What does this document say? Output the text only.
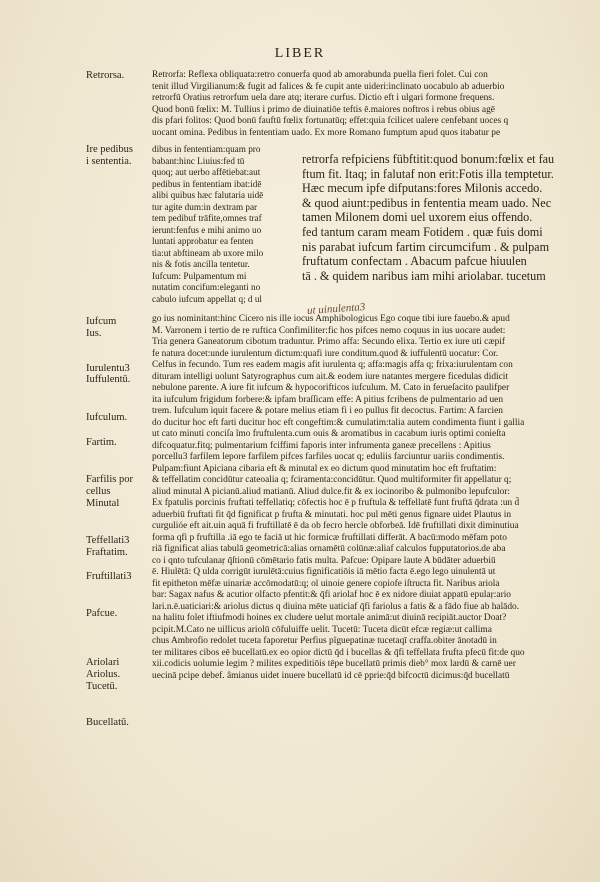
LIBER
Retrorsa.
Ire pedibus
i sententia.
Iufcum
Ius.
Iurulentu3
Iuffulentū.
Iufculum.
Fartim.
Farfilis por
cellus
Minutal
Teffellati3
Fraftatim.
Fruftillati3
Pafcue.
Ariolari
Ariolus.
Tucetū.
Bucellatū.
Retrorfa: Reflexa obliquata:retro conuerfa quod ab amorabunda puella fieri folet. Cui con
tenit illud Virgilianum:& fugit ad falices & fe cupit ante uideri:inclinato uocabulo ab aduerbio
retrorfū Oratius retrorfum uela dare atq; iterare curfus. Dictio eft i ulgari formone frequens.
Quod bonū fœlix: M. Tullius i primo de diuinatiōe teftis ē.maiores noftros i rebus obius agē
dis pfari folitos: Quod bonū fauftū fœlix fortunatūq; effet:quia fcilicet ualere cenfebant uoces q
uocant omina. Pedibus in fententiam uado. Ex more Romano fumptum apud quos itabatur pe
dibus in fententiam:quam pro
babant:hinc Liuius:fed tū
quoq; aut uerbo affētiebat:aut
pedibus in fententiam ibat:idē
alibi quibus hæc falutaria uidē
tur agite dum:in dextram par
tem pedibuf trāfite,omnes traf
ierunt:fenfus e mihi animo uo
luntati approbatur ea fenten
tia:ut abftineam ab uxore milo
nis & fotis ancilla tentetur.
Iufcum: Pulpamentum mi
nutatim concifum:eleganti no
cabulo iufcum appellat q; d ul
retrorfa refpiciens fübftitit:quod bonum:fœlix et fau
ftum fit. Itaq; in falutaf non erit:Fotis illa temptetur.
Hæc mecum ipfe difputans:fores Milonis accedo.
& quod aiunt:pedibus in fententia meam uado. Nec
tamen Milonem domi uel uxorem eius offendo.
fed tantum caram meam Fotidem . quæ fuis domi
nis parabat iufcum fartim circumcifum . & pulpam
fruftatum confectam . Abacum pafcue hiuulen
tā . & quidem naribus iam mihi ariolabar. tucetum
ut uinulenta3
go ius nominitant:hinc Cicero nis ille iocus Amphibologicus Ego coque tibi iure fauebo.& apud
M. Varronem i tertio de re ruftica Confimiliter:fic hos pifces nemo coquus in ius uocare audet:
Tria genera Ganeatorum cibotum traduntur. Primo affa: Secundo elixa. Tertio ex iure uti cæpif
fe natura docet:unde iurulentum dictum:quafi iure conditum.quod & iuffulentū uocatur: Cor.
Celfus in fecundo. Tum res eadem magis afit iurulenta q; affa:magis affa q; frixa:iurulentam con
dituram intelligi uolunt Satyrographus cum ait.& eodem iure natantes mergere ficedulas didicit
nebulone parente. A iure fit iufcum & hypocorifticos iufculum. M. Cato in ferueſacito paulifper
ita iufculum frigidum forbere:& ipfam braſſicam effe: A pitius fcribens de pulmentario ad uen
trem. Iufculum iquit facere & potare melius etiam fi i eo pullus fit decoctus. Fartim: A farcien
do ducitur hoc eft farti ducitur hoc eft congeftim:& cumulatim:talia autem condimenta fiunt i gallia
ut cato minuti conciſa ĩmo fruftulenta.cum ouis & aromatibus in cacabum iuris optimi conieſta
difcoquatur.fitq; pulmentarium fciffimi faporis inter infrumenta ganeæ precellens : Apitius
porcellu3 farfilem lepore farfilem pifces farfiles uocat q; eduliis farciuntur uariis condimentis.
Pulpam:fiunt Apiciana cibaria eft & minutal ex eo dictum quod minutatim hoc eft fruftatim:
& teffellatim concidūtur cateoalia q; fciramenta:concidūtur. Quod multiformiter fit appellatur q;
aliud minutal A picianū.aliud matianū. Aliud dulce.fit & ex iocinoribo & pulmonibo lepufculor:
Ex fpatulis porcinis fruftati teffellatiq; cōfectis hoc ē p fruftula & teffellatē funt fruftā q̄drata :un d̄
aduerbiū fruftati fit q̄d fignificat p frufta & minutati. hoc pul mēti genus fignare uidet Plautus in
curgulióe eft ait.uin aquā fi fruftillatē ē da ob fecro hercle obforbeā. Idē fruftillati dixit diminutiua
forma qfi p fruftilla .iā ego te faciā ut hic formicæ fruftillati differāt. A bacū:modo mēfam poto
riā fignificat alias tabulā geometricā:alias ornamētū colūnæ:aliaf calculos fupputatorios.de aba
co i qnto tufculanaṛ q̄ſtionū cōmētario fatis multa. Pafcue: Opipare laute A būdāter aduerbiū
ē. Hiulētā: Q ulda corrigūt iurulētā:cuius fignificatiōis iā mētio facta ē.ego lego uinulentā ut
fit epitheton mēfæ uinariæ accōmodatū:q; ol uinoie genere copiofe iſtructa fit. Naribus ariola
bar: Sagax nafus & acutior olfacto pfentit:& q̄fi ariolaf hoc ē ex nidore diuiat appatū epulaṛ:ario
lari.n.ē.uaticiari:& ariolus dictus q diuina mēte uaticiaf q̄fi fariolus a fatis & a fādo fiue ab halādo.
na halitu folet iftiufmodi hoines ex cludere uelut mortale animā:ut diuinā recipiāt.auctor Doat?
pcipit.M.Cato ne uillicus ariolū cōfuluiffe uelit. Tucetū: Tuceta dicūt efcæ regiæ:ut callima
chus Ambrofio redolet tuceta faporetur Perfius pĩguepatinæ tucetaqī craffa.obiter ānotadū in
ter militares cibos eē bucellatū.ex eo opior dictū q̄d i bucellas & q̄fi teffellata frufta pfecū fit:de quo
xii.codicis uolumie legim ? milites expeditiōis tēpe bucellatū primis dieb° mox lardū & carnē uer
uecinā pcipe debef. âmianus uidet inuere bucellatū id cē pprie:q̄d bifcoctū dicimus:q̄d bucellatū
